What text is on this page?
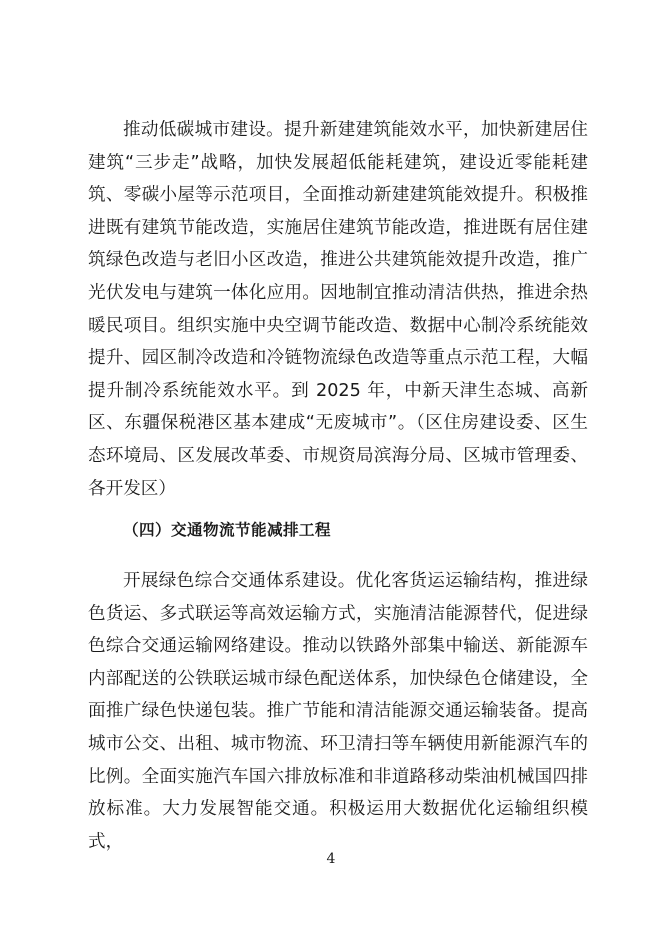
推动低碳城市建设。提升新建建筑能效水平，加快新建居住建筑“三步走”战略，加快发展超低能耗建筑，建设近零能耗建筑、零碳小屋等示范项目，全面推动新建建筑能效提升。积极推进既有建筑节能改造，实施居住建筑节能改造，推进既有居住建筑绿色改造与老旧小区改造，推进公共建筑能效提升改造，推广光伏发电与建筑一体化应用。因地制宜推动清洁供热，推进余热暖民项目。组织实施中央空调节能改造、数据中心制冷系统能效提升、园区制冷改造和冷链物流绿色改造等重点示范工程，大幅提升制冷系统能效水平。到 2025 年，中新天津生态城、高新区、东疆保税港区基本建成“无废城市”。（区住房建设委、区生态环境局、区发展改革委、市规资局滨海分局、区城市管理委、各开发区）

（四）交通物流节能减排工程

开展绿色综合交通体系建设。优化客货运运输结构，推进绿色货运、多式联运等高效运输方式，实施清洁能源替代，促进绿色综合交通运输网络建设。推动以铁路外部集中输送、新能源车内部配送的公铁联运城市绿色配送体系，加快绿色仓储建设，全面推广绿色快递包装。推广节能和清洁能源交通运输装备。提高城市公交、出租、城市物流、环卫清扫等车辆使用新能源汽车的比例。全面实施汽车国六排放标准和非道路移动柴油机械国四排放标准。大力发展智能交通。积极运用大数据优化运输组织模式，

4
